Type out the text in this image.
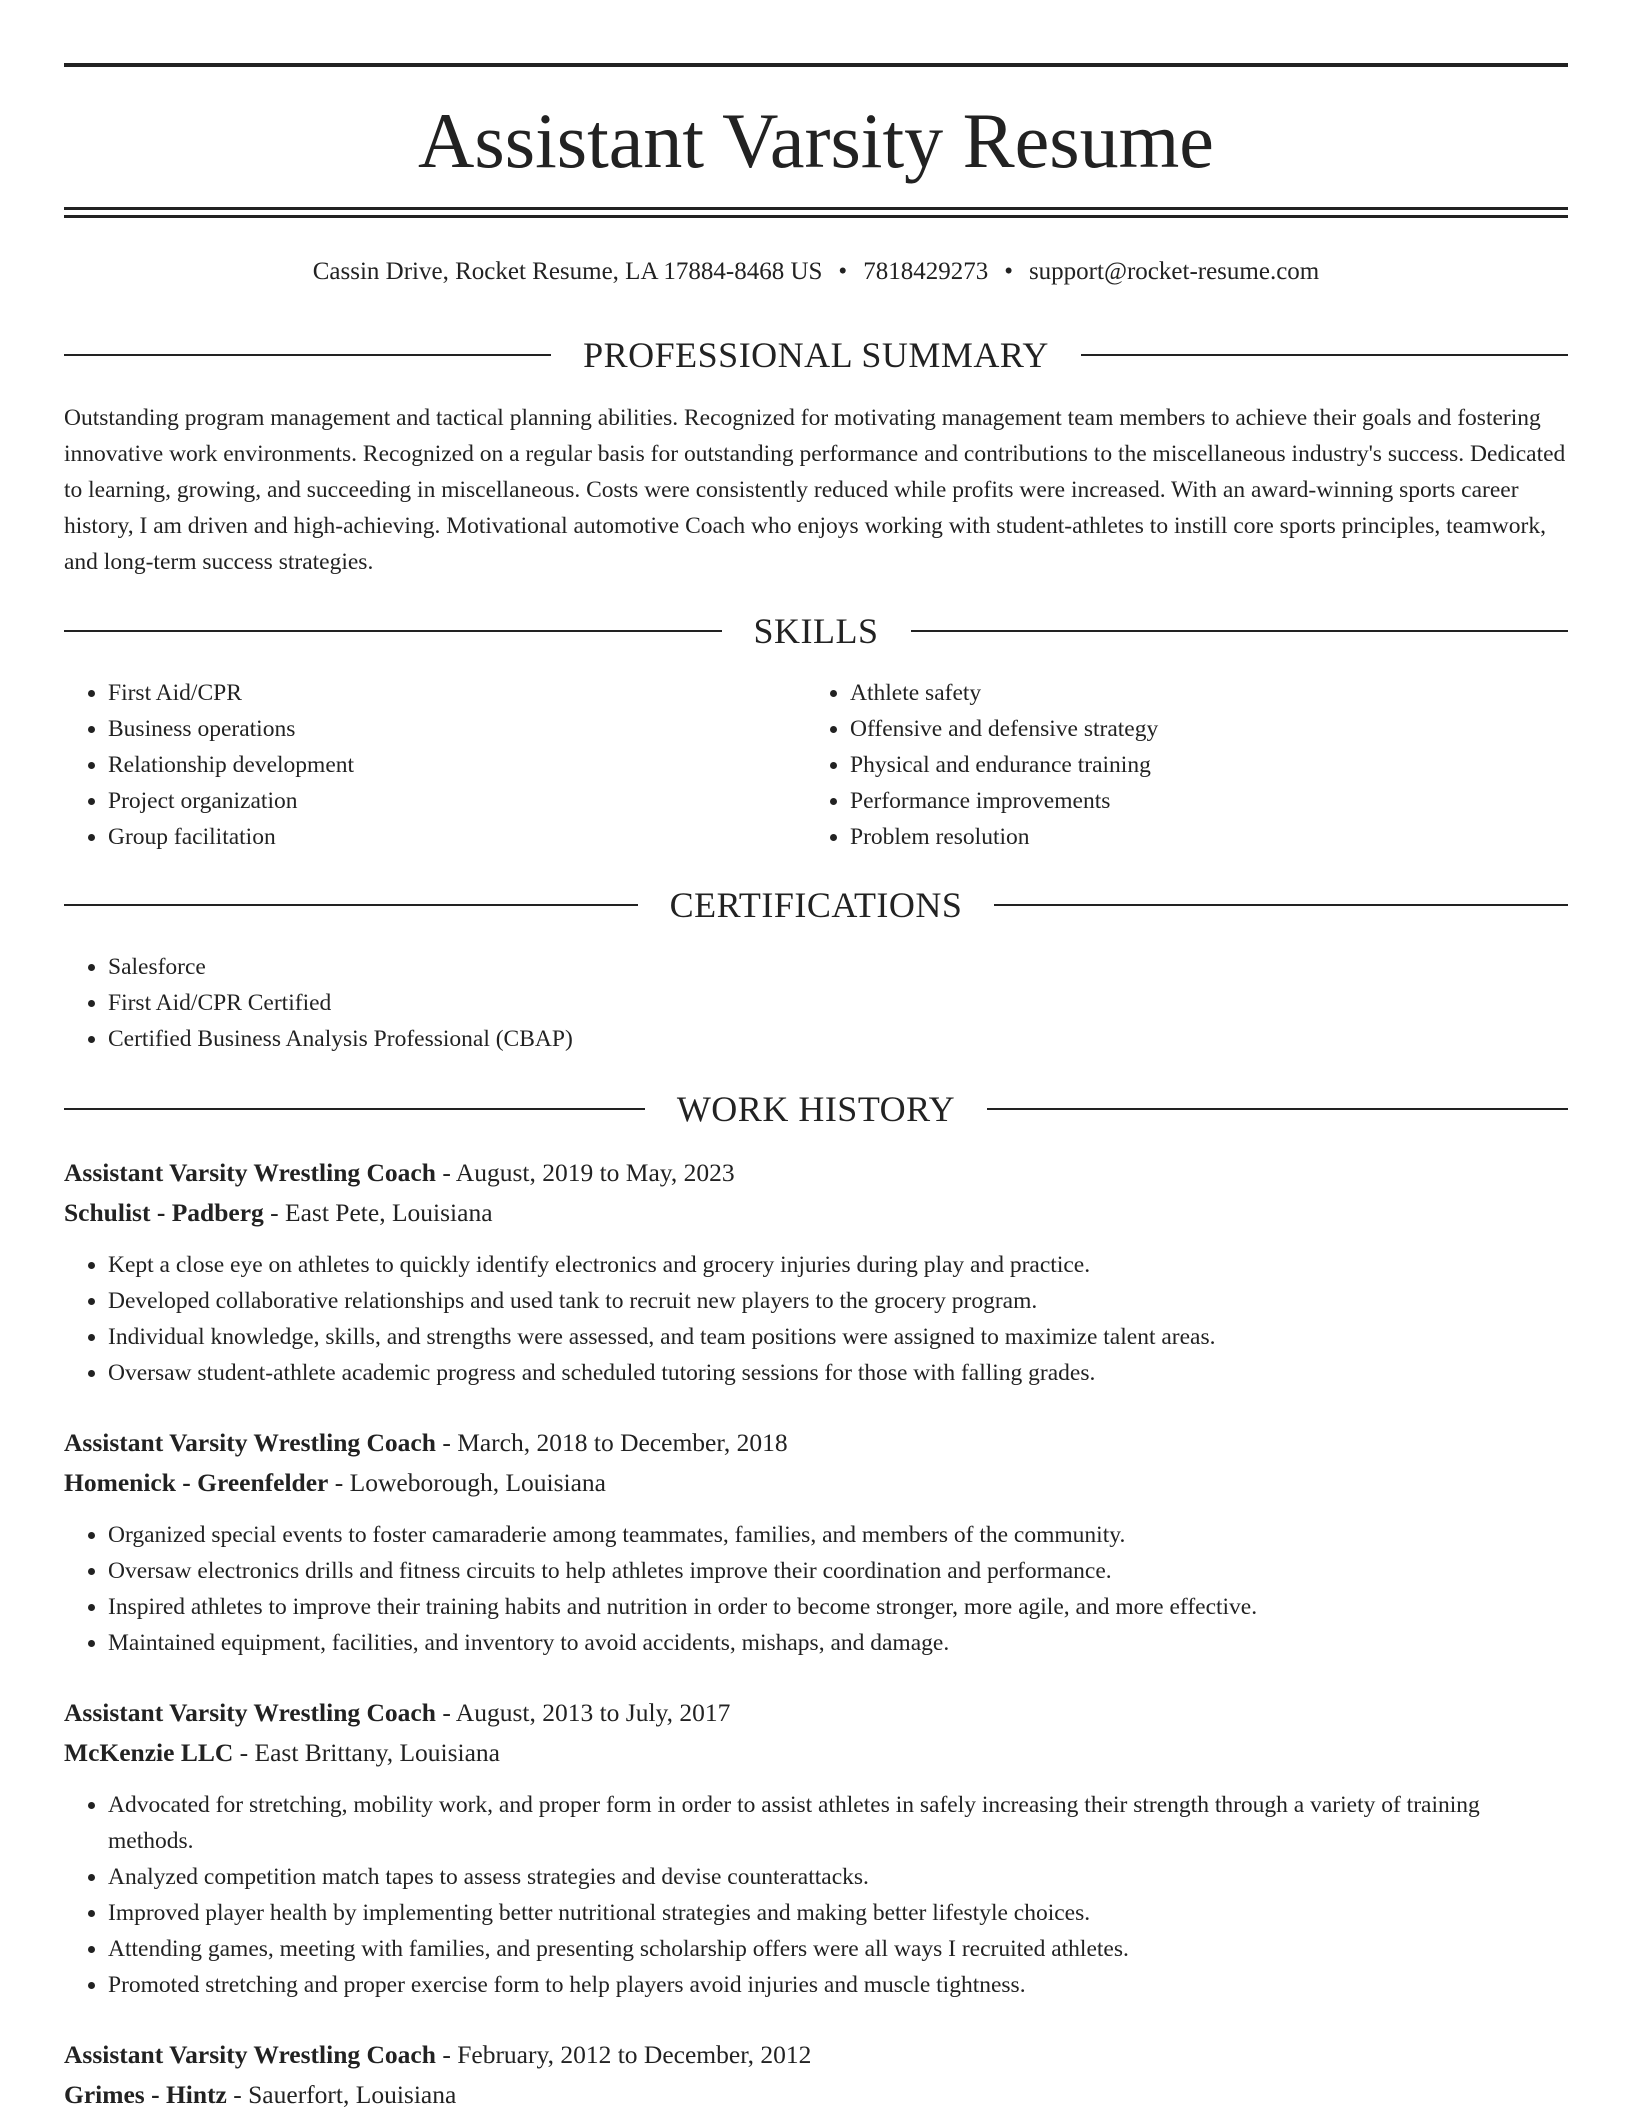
Assistant Varsity Resume
Cassin Drive, Rocket Resume, LA 17884-8468 US • 7818429273 • support@rocket-resume.com
PROFESSIONAL SUMMARY

Outstanding program management and tactical planning abilities. Recognized for motivating management team members to achieve their goals and fostering innovative work environments. Recognized on a regular basis for outstanding performance and contributions to the miscellaneous industry's success. Dedicated to learning, growing, and succeeding in miscellaneous. Costs were consistently reduced while profits were increased. With an award-winning sports career history, I am driven and high-achieving. Motivational automotive Coach who enjoys working with student-athletes to instill core sports principles, teamwork, and long-term success strategies.

SKILLS
• First Aid/CPR
• Business operations
• Relationship development
• Project organization
• Group facilitation
• Athlete safety
• Offensive and defensive strategy
• Physical and endurance training
• Performance improvements
• Problem resolution
CERTIFICATIONS
• Salesforce
• First Aid/CPR Certified
• Certified Business Analysis Professional (CBAP)
WORK HISTORY
Assistant Varsity Wrestling Coach - August, 2019 to May, 2023
Schulist - Padberg - East Pete, Louisiana
• Kept a close eye on athletes to quickly identify electronics and grocery injuries during play and practice.
• Developed collaborative relationships and used tank to recruit new players to the grocery program.
• Individual knowledge, skills, and strengths were assessed, and team positions were assigned to maximize talent areas.
• Oversaw student-athlete academic progress and scheduled tutoring sessions for those with falling grades.
Assistant Varsity Wrestling Coach - March, 2018 to December, 2018
Homenick - Greenfelder - Loweborough, Louisiana
• Organized special events to foster camaraderie among teammates, families, and members of the community.
• Oversaw electronics drills and fitness circuits to help athletes improve their coordination and performance.
• Inspired athletes to improve their training habits and nutrition in order to become stronger, more agile, and more effective.
• Maintained equipment, facilities, and inventory to avoid accidents, mishaps, and damage.
Assistant Varsity Wrestling Coach - August, 2013 to July, 2017
McKenzie LLC - East Brittany, Louisiana
• Advocated for stretching, mobility work, and proper form in order to assist athletes in safely increasing their strength through a variety of training methods.
• Analyzed competition match tapes to assess strategies and devise counterattacks.
• Improved player health by implementing better nutritional strategies and making better lifestyle choices.
• Attending games, meeting with families, and presenting scholarship offers were all ways I recruited athletes.
• Promoted stretching and proper exercise form to help players avoid injuries and muscle tightness.
Assistant Varsity Wrestling Coach - February, 2012 to December, 2012
Grimes - Hintz - Sauerfort, Louisiana
